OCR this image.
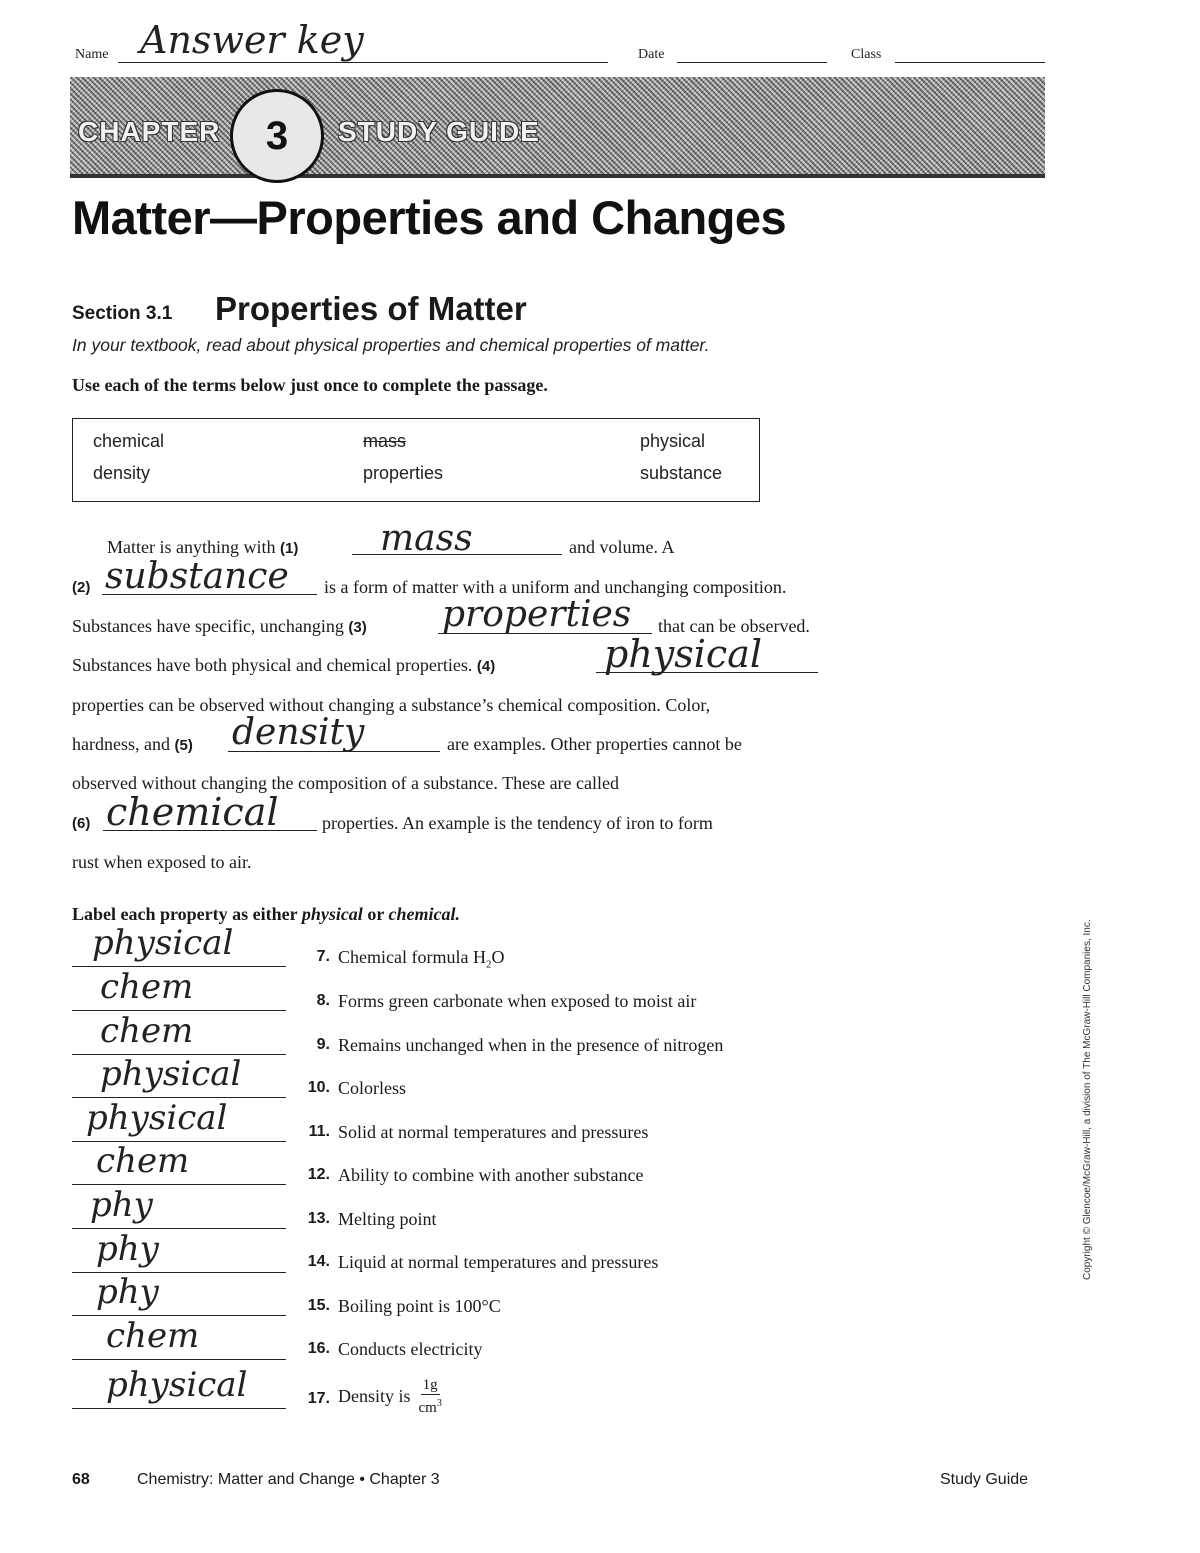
Name Answer key	Date	Class
CHAPTER 3 STUDY GUIDE
Matter—Properties and Changes
Section 3.1 Properties of Matter
In your textbook, read about physical properties and chemical properties of matter.
Use each of the terms below just once to complete the passage.
chemical	mass	physical
density	properties	substance
Matter is anything with (1) mass	and volume. A
(2) substance is a form of matter with a uniform and unchanging composition.
Substances have specific, unchanging (3) properties that can be observed.
Substances have both physical and chemical properties. (4)	physical
properties can be observed without changing a substance’s chemical composition. Color,
hardness, and (5) density	are examples. Other properties cannot be
observed without changing the composition of a substance. These are called
(6) chemical properties. An example is the tendency of iron to form
rust when exposed to air.
Label each property as either physical or chemical.
physical	7. Chemical formula $H_2O$
chem	8. Forms green carbonate when exposed to moist air
chem	9. Remains unchanged when in the presence of nitrogen
physical	10. Colorless
physical	11. Solid at normal temperatures and pressures
chem	12. Ability to combine with another substance
phy	13. Melting point
phy	14. Liquid at normal temperatures and pressures
phy	15. Boiling point is 100°C
chem	16. Conducts electricity
physical	17. Density is $\frac{1g}{cm^3}$
Copyright © Glencoe/McGraw-Hill, a division of The McGraw-Hill Companies, Inc.
68	Chemistry: Matter and Change • Chapter 3	Study Guide
